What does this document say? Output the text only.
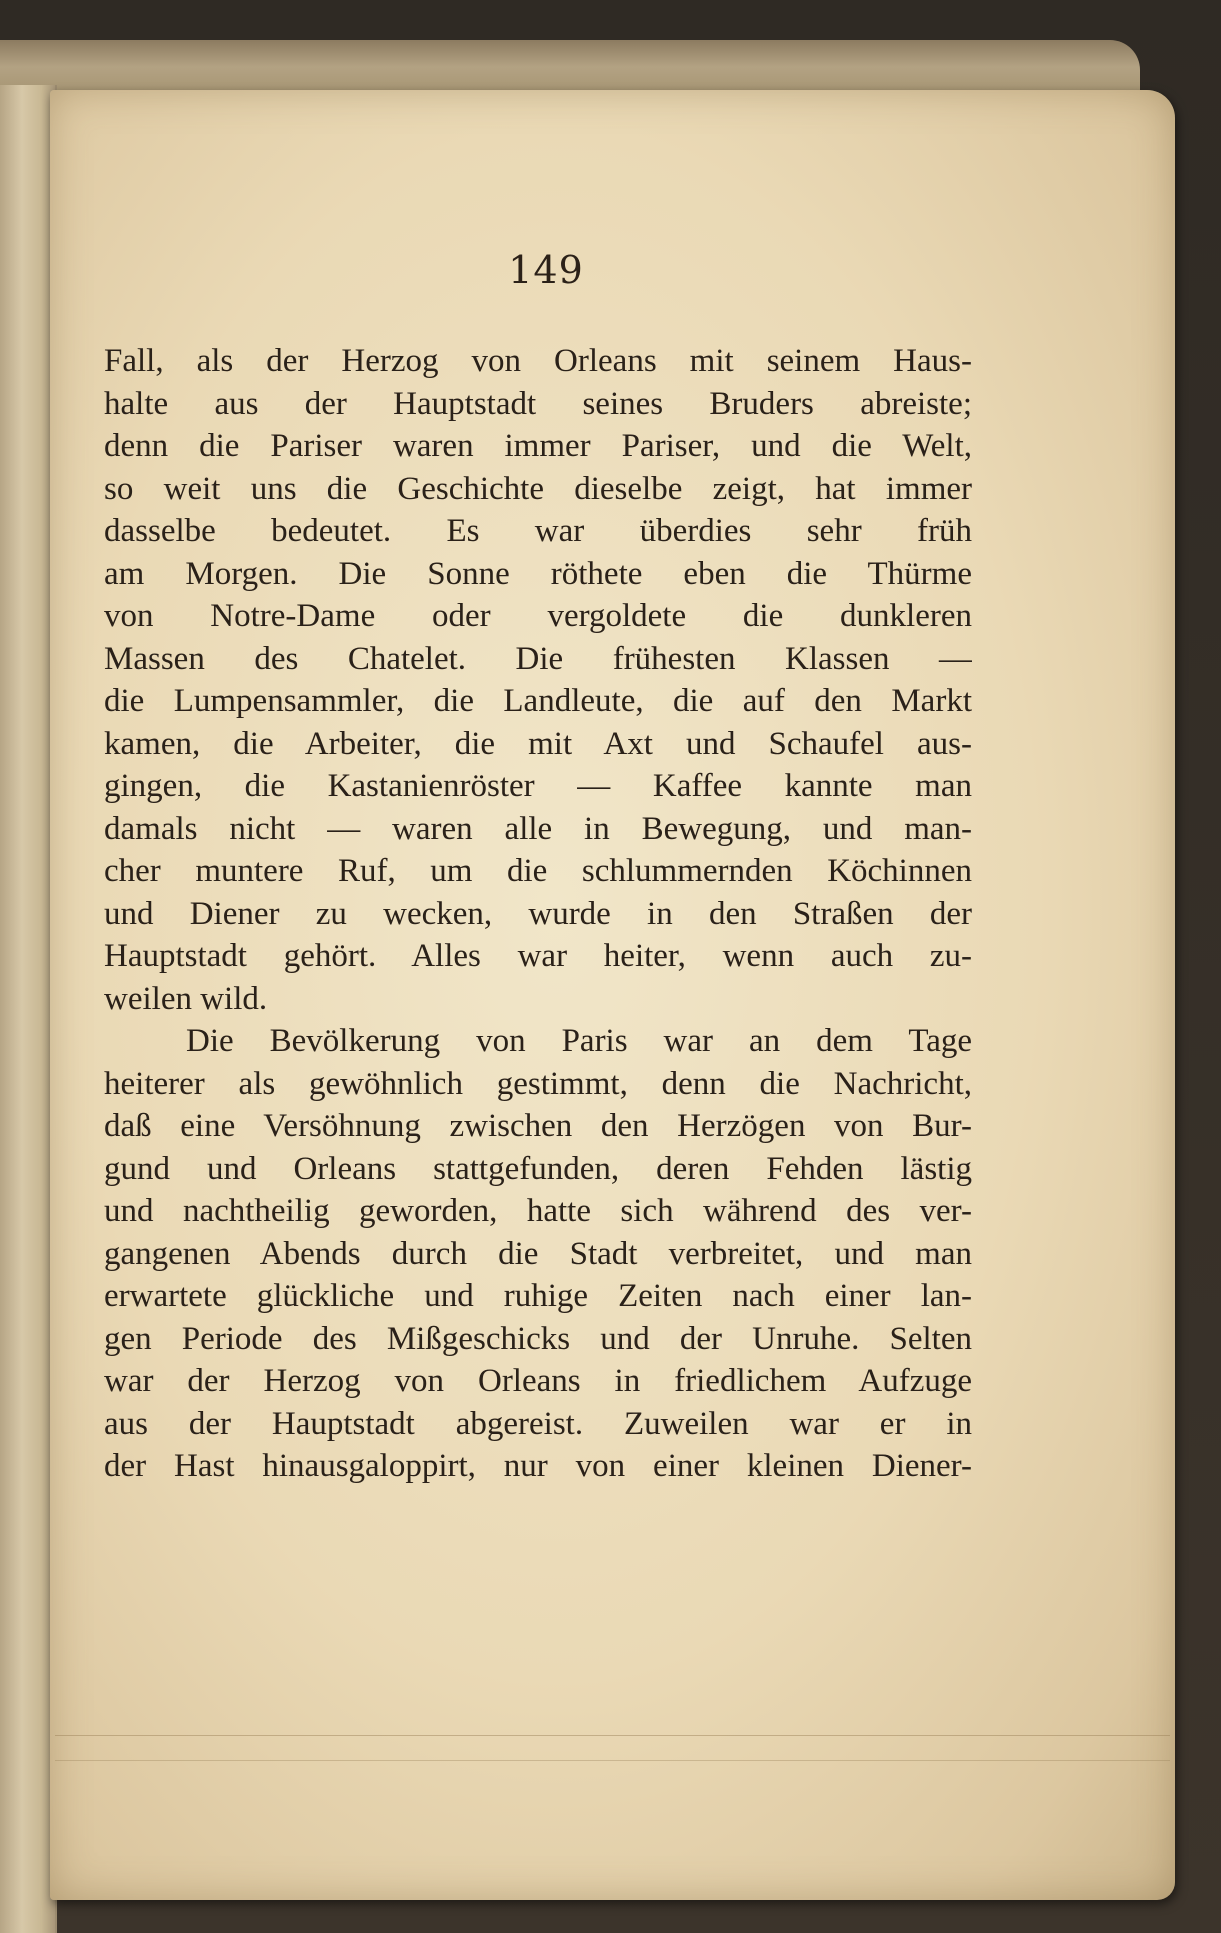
149
Fall, als der Herzog von Orleans mit seinem Haus-
halte aus der Hauptstadt seines Bruders abreiste;
denn die Pariser waren immer Pariser, und die Welt,
so weit uns die Geschichte dieselbe zeigt, hat immer
dasselbe bedeutet. Es war überdies sehr früh
am Morgen. Die Sonne röthete eben die Thürme
von Notre-Dame oder vergoldete die dunkleren
Massen des Chatelet. Die frühesten Klassen —
die Lumpensammler, die Landleute, die auf den Markt
kamen, die Arbeiter, die mit Axt und Schaufel aus-
gingen, die Kastanienröster — Kaffee kannte man
damals nicht — waren alle in Bewegung, und man-
cher muntere Ruf, um die schlummernden Köchinnen
und Diener zu wecken, wurde in den Straßen der
Hauptstadt gehört. Alles war heiter, wenn auch zu-
weilen wild.
Die Bevölkerung von Paris war an dem Tage
heiterer als gewöhnlich gestimmt, denn die Nachricht,
daß eine Versöhnung zwischen den Herzögen von Bur-
gund und Orleans stattgefunden, deren Fehden lästig
und nachtheilig geworden, hatte sich während des ver-
gangenen Abends durch die Stadt verbreitet, und man
erwartete glückliche und ruhige Zeiten nach einer lan-
gen Periode des Mißgeschicks und der Unruhe. Selten
war der Herzog von Orleans in friedlichem Aufzuge
aus der Hauptstadt abgereist. Zuweilen war er in
der Hast hinausgaloppirt, nur von einer kleinen Diener-
